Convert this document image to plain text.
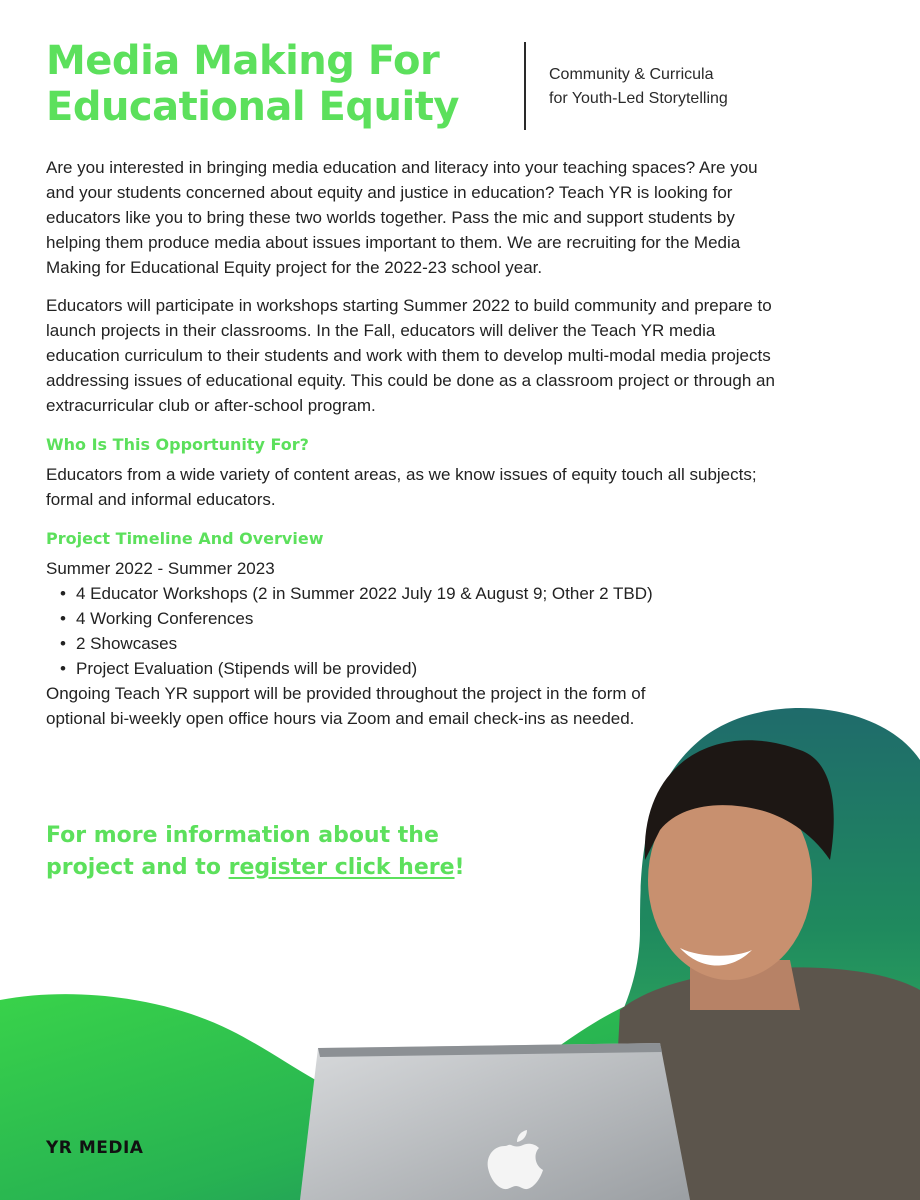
Media Making For
Educational Equity
Community & Curricula
for Youth-Led Storytelling

Are you interested in bringing media education and literacy into your teaching spaces? Are you and your students concerned about equity and justice in education? Teach YR is looking for educators like you to bring these two worlds together. Pass the mic and support students by helping them produce media about issues important to them. We are recruiting for the Media Making for Educational Equity project for the 2022-23 school year.

Educators will participate in workshops starting Summer 2022 to build community and prepare to launch projects in their classrooms. In the Fall, educators will deliver the Teach YR media education curriculum to their students and work with them to develop multi-modal media projects addressing issues of educational equity. This could be done as a classroom project or through an extracurricular club or after-school program.

Who Is This Opportunity For?

Educators from a wide variety of content areas, as we know issues of equity touch all subjects; formal and informal educators.

Project Timeline And Overview

Summer 2022 - Summer 2023

• 4 Educator Workshops (2 in Summer 2022 July 19 & August 9; Other 2 TBD)
• 4 Working Conferences
• 2 Showcases
• Project Evaluation (Stipends will be provided)

Ongoing Teach YR support will be provided throughout the project in the form of optional bi-weekly open office hours via Zoom and email check-ins as needed.

For more information about the
project and to register click here!
YR MEDIA
